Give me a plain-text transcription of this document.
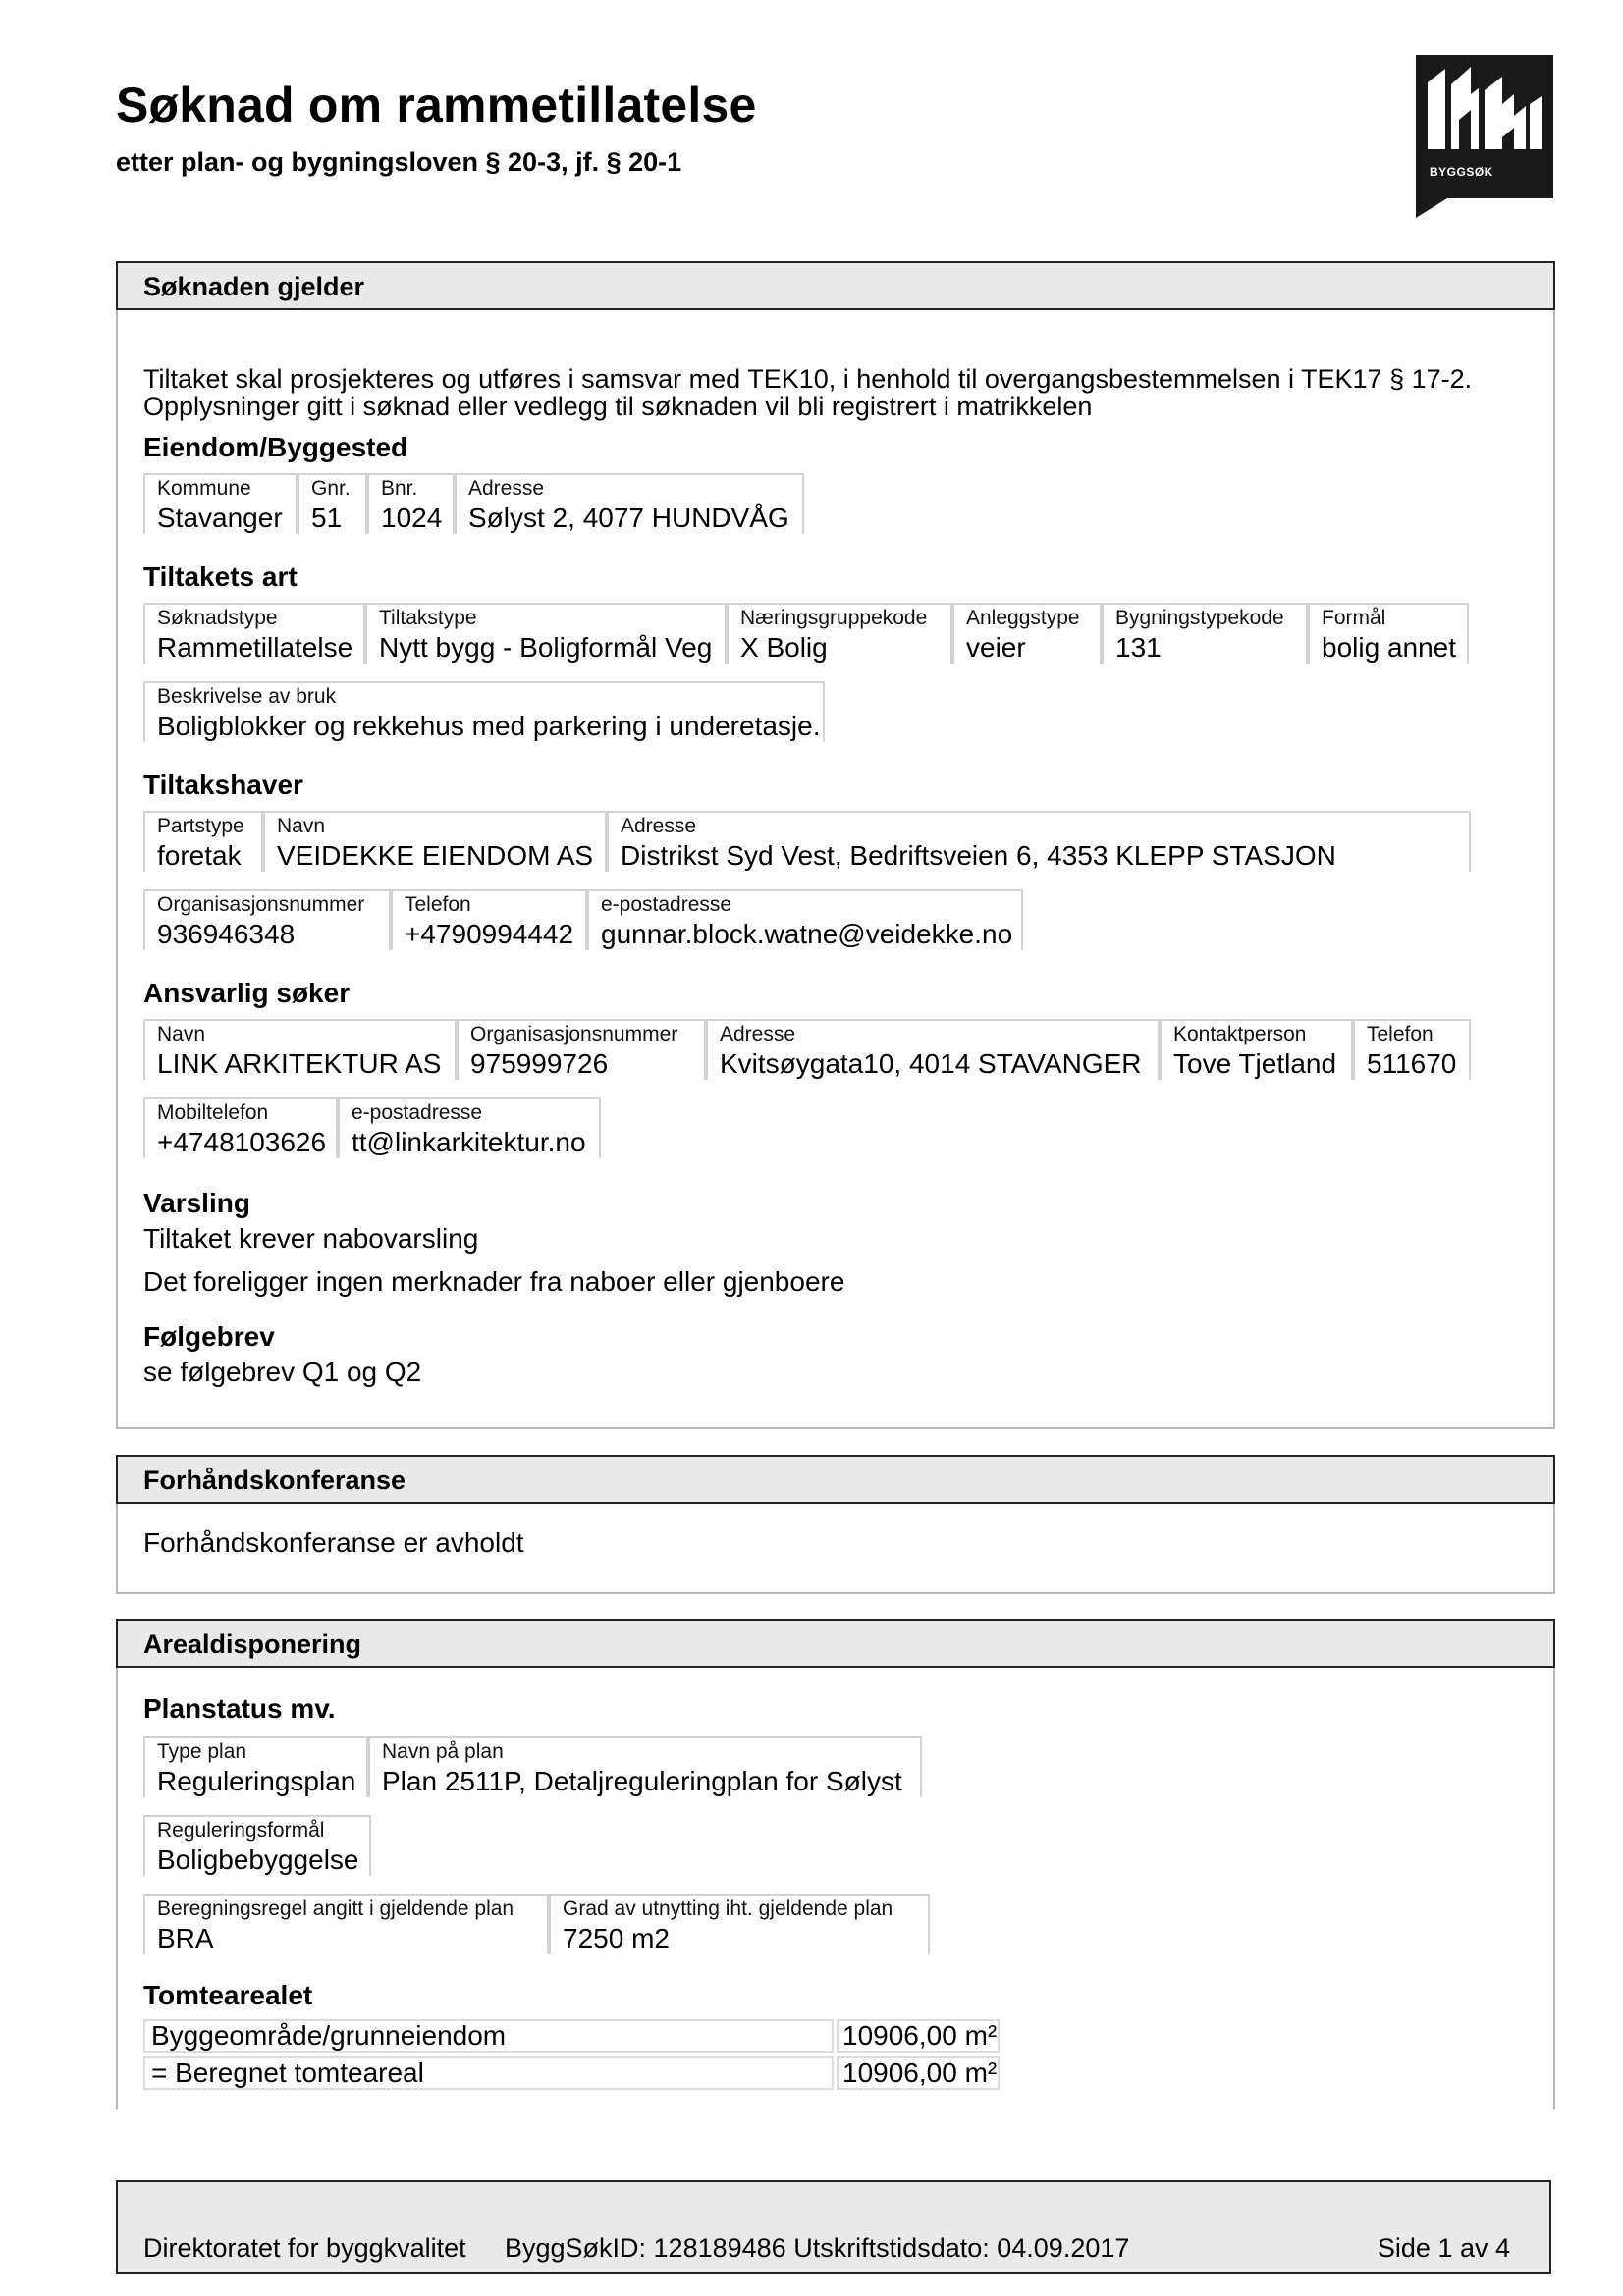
Søknad om rammetillatelse
etter plan- og bygningsloven § 20-3, jf. § 20-1	BYGGSØK
Søknaden gjelder
Tiltaket skal prosjekteres og utføres i samsvar med TEK10, i henhold til overgangsbestemmelsen i TEK17 § 17-2.
Opplysninger gitt i søknad eller vedlegg til søknaden vil bli registrert i matrikkelen
Eiendom/Byggested
Kommune
Stavanger
Gnr.
51
Bnr.
1024
Adresse
Sølyst 2, 4077 HUNDVÅG
Tiltakets art
Søknadstype
Rammetillatelse
Tiltakstype
Nytt bygg - Boligformål Veg
Næringsgruppekode
X Bolig
Anleggstype
veier
Bygningstypekode
131
Formål
bolig annet
Beskrivelse av bruk
Boligblokker og rekkehus med parkering i underetasje.
Tiltakshaver
Partstype
foretak
Navn
VEIDEKKE EIENDOM AS
Adresse
Distrikst Syd Vest, Bedriftsveien 6, 4353 KLEPP STASJON
Organisasjonsnummer
936946348
Telefon
+4790994442
e-postadresse
gunnar.block.watne@veidekke.no
Ansvarlig søker
Navn
LINK ARKITEKTUR AS
Organisasjonsnummer
975999726
Adresse
Kvitsøygata10, 4014 STAVANGER
Kontaktperson
Tove Tjetland
Telefon
511670
Mobiltelefon
+4748103626
e-postadresse
tt@linkarkitektur.no
Varsling
Tiltaket krever nabovarsling
Det foreligger ingen merknader fra naboer eller gjenboere
Følgebrev
se følgebrev Q1 og Q2
Forhåndskonferanse
Forhåndskonferanse er avholdt
Arealdisponering
Planstatus mv.
Type plan
Reguleringsplan
Navn på plan
Plan 2511P, Detaljreguleringplan for Sølyst
Reguleringsformål
Boligbebyggelse
Beregningsregel angitt i gjeldende plan
BRA
Grad av utnytting iht. gjeldende plan
7250 m2
Tomtearealet
Byggeområde/grunneiendom	10906,00 m²
= Beregnet tomteareal	10906,00 m²
Direktoratet for byggkvalitet ByggSøkID: 128189486 Utskriftstidsdato: 04.09.2017	Side 1 av 4
